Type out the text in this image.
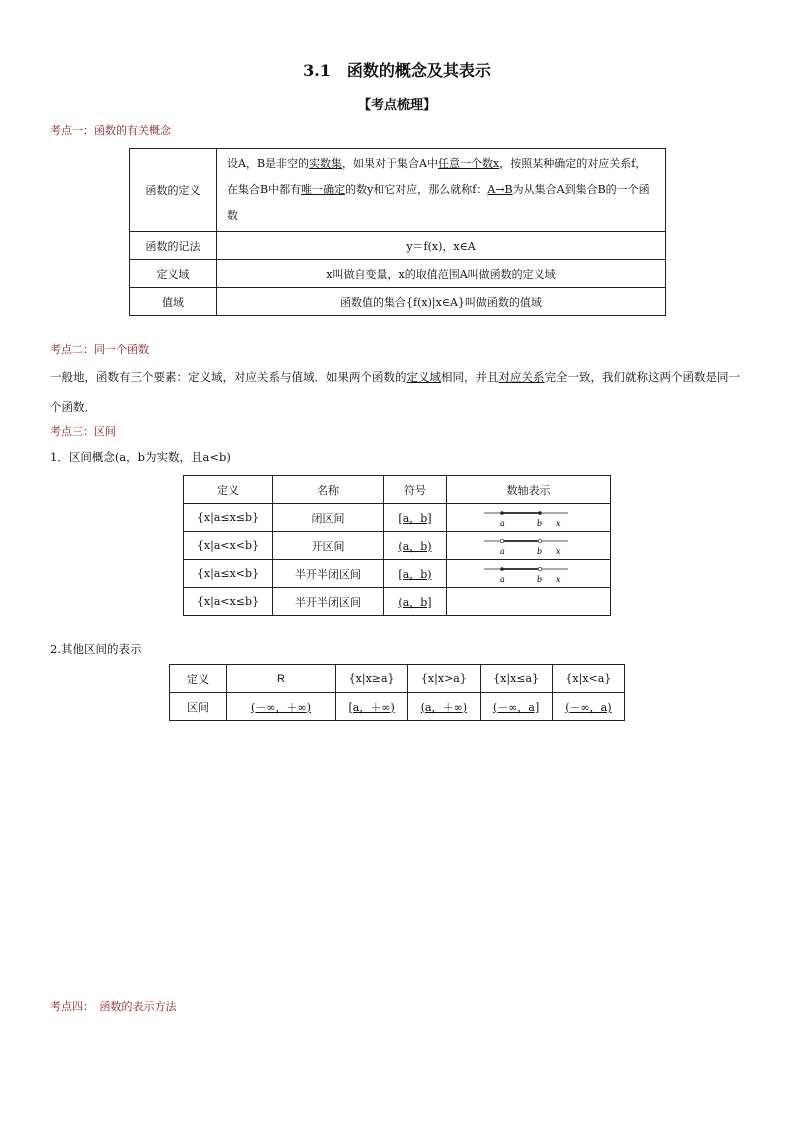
3.1　函数的概念及其表示
【考点梳理】
考点一：函数的有关概念
函数的定义	设A，B是非空的实数集，如果对于集合A中任意一个数x，按照某种确定的对应关系f，在集合B中都有唯一确定的数y和它对应，那么就称f：A→B为从集合A到集合B的一个函数
函数的记法	y＝f(x)，x∈A
定义域	x叫做自变量，x的取值范围A叫做函数的定义域
值域	函数值的集合{f(x)|x∈A}叫做函数的值域
考点二：同一个函数
一般地，函数有三个要素：定义域，对应关系与值域．如果两个函数的定义域相同，并且对应关系完全一致，我们就称这两个函数是同一个函数．
考点三：区间
1．区间概念(a，b为实数，且a<b)
定义	名称	符号	数轴表示
{x|a≤x≤b}	闭区间	[a，b]	a b x

{x|a<x<b}	开区间	(a，b)	a b x

{x|a≤x<b}	半开半闭区间	[a，b)	a b x

{x|a<x≤b}	半开半闭区间	(a，b]	
2.其他区间的表示
定义	R	{x|x≥a}	{x|x>a}	{x|x≤a}	{x|x<a}
区间	(－∞，＋∞)	[a，＋∞)	(a，＋∞)	(－∞，a]	(－∞，a)
考点四：　函数的表示方法
